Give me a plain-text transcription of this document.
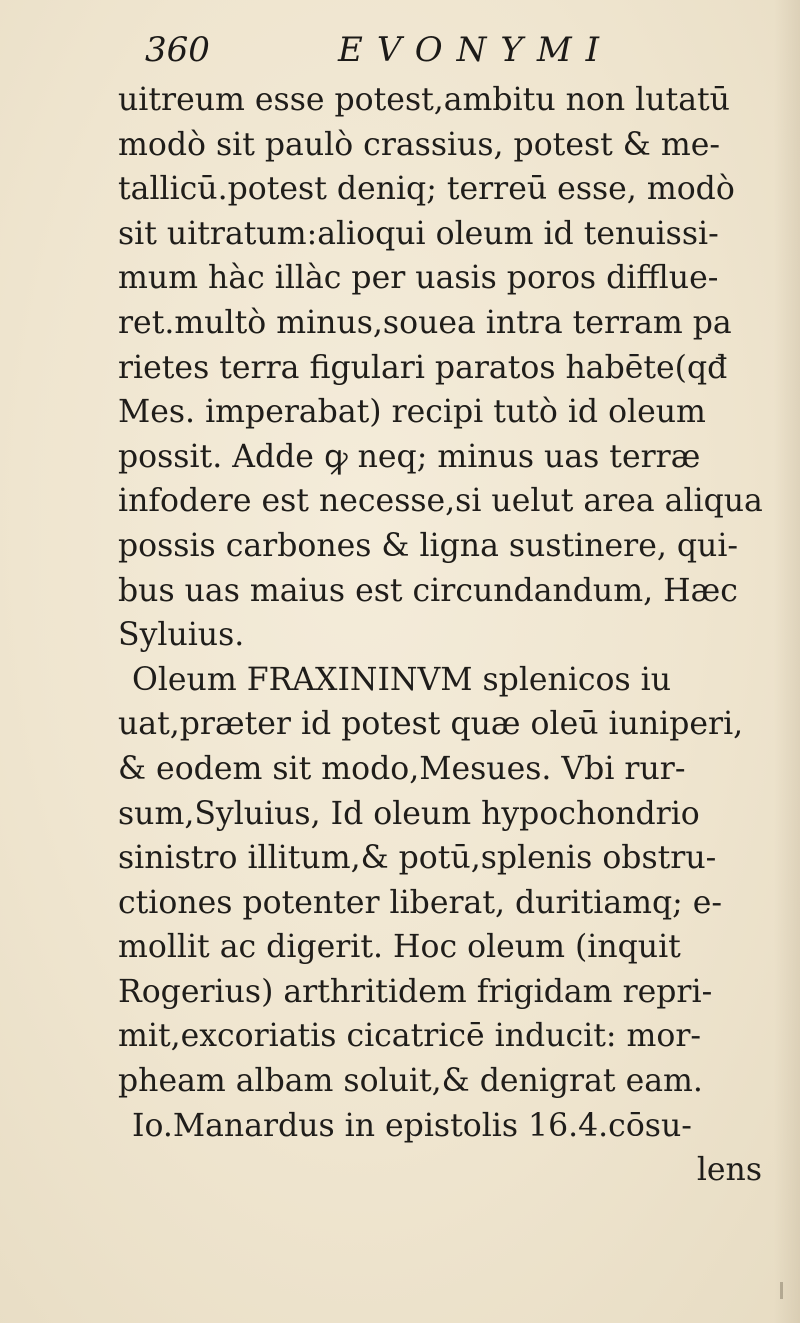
360	EVONYMI
uitreum esse potest,ambitu non lutatū
modò sit paulò crassius, potest & me-
tallicū.potest deniq; terreū esse, modò
sit uitratum:alioqui oleum id tenuissi-
mum hàc illàc per uasis poros difflue-
ret.multò minus,souea intra terram pa
rietes terra figulari paratos habēte(qđ
Mes. imperabat) recipi tutò id oleum
possit. Adde ꝙ neq; minus uas terræ
infodere est necesse,si uelut area aliqua
possis carbones & ligna sustinere, qui-
bus uas maius est circundandum, Hæc
Syluius.
Oleum FRAXININVM splenicos iu
uat,præter id potest quæ oleū iuniperi,
& eodem sit modo,Mesues. Vbi rur-
sum,Syluius, Id oleum hypochondrio
sinistro illitum,& potū,splenis obstru-
ctiones potenter liberat, duritiamq; e-
mollit ac digerit. Hoc oleum (inquit
Rogerius) arthritidem frigidam repri-
mit,excoriatis cicatricē inducit: mor-
pheam albam soluit,& denigrat eam.
Io.Manardus in epistolis 16.4.cōsu-
lens
